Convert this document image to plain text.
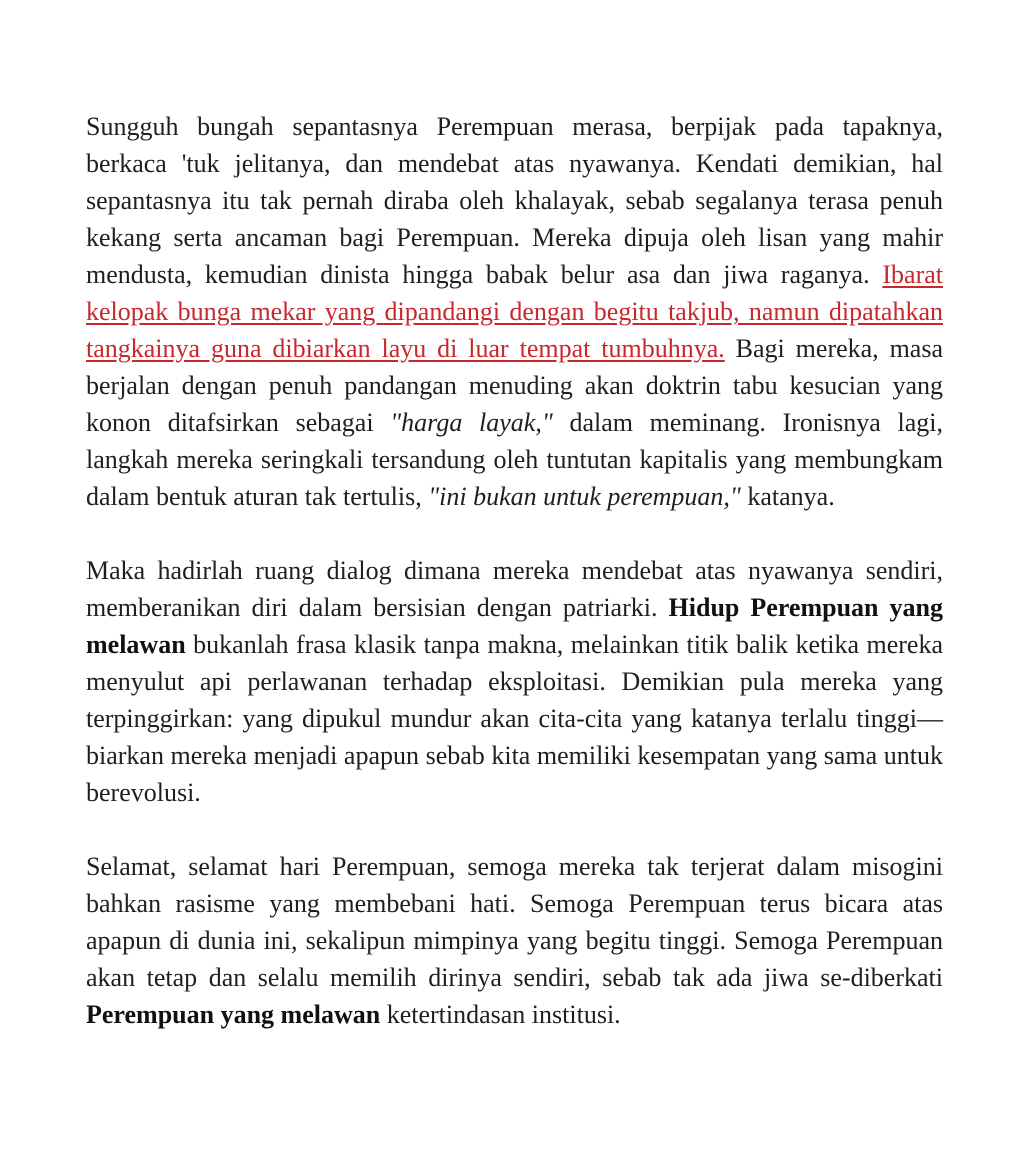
Sungguh bungah sepantasnya Perempuan merasa, berpijak pada tapaknya, berkaca 'tuk jelitanya, dan mendebat atas nyawanya. Kendati demikian, hal sepantasnya itu tak pernah diraba oleh khalayak, sebab segalanya terasa penuh kekang serta ancaman bagi Perempuan. Mereka dipuja oleh lisan yang mahir mendusta, kemudian dinista hingga babak belur asa dan jiwa raganya. Ibarat kelopak bunga mekar yang dipandangi dengan begitu takjub, namun dipatahkan tangkainya guna dibiarkan layu di luar tempat tumbuhnya. Bagi mereka, masa berjalan dengan penuh pandangan menuding akan doktrin tabu kesucian yang konon ditafsirkan sebagai "harga layak," dalam meminang. Ironisnya lagi, langkah mereka seringkali tersandung oleh tuntutan kapitalis yang membungkam dalam bentuk aturan tak tertulis, "ini bukan untuk perempuan," katanya.

Maka hadirlah ruang dialog dimana mereka mendebat atas nyawanya sendiri, memberanikan diri dalam bersisian dengan patriarki. Hidup Perempuan yang melawan bukanlah frasa klasik tanpa makna, melainkan titik balik ketika mereka menyulut api perlawanan terhadap eksploitasi. Demikian pula mereka yang terpinggirkan: yang dipukul mundur akan cita-cita yang katanya terlalu tinggi—biarkan mereka menjadi apapun sebab kita memiliki kesempatan yang sama untuk berevolusi.

Selamat, selamat hari Perempuan, semoga mereka tak terjerat dalam misogini bahkan rasisme yang membebani hati. Semoga Perempuan terus bicara atas apapun di dunia ini, sekalipun mimpinya yang begitu tinggi. Semoga Perempuan akan tetap dan selalu memilih dirinya sendiri, sebab tak ada jiwa se-diberkati Perempuan yang melawan ketertindasan institusi.
